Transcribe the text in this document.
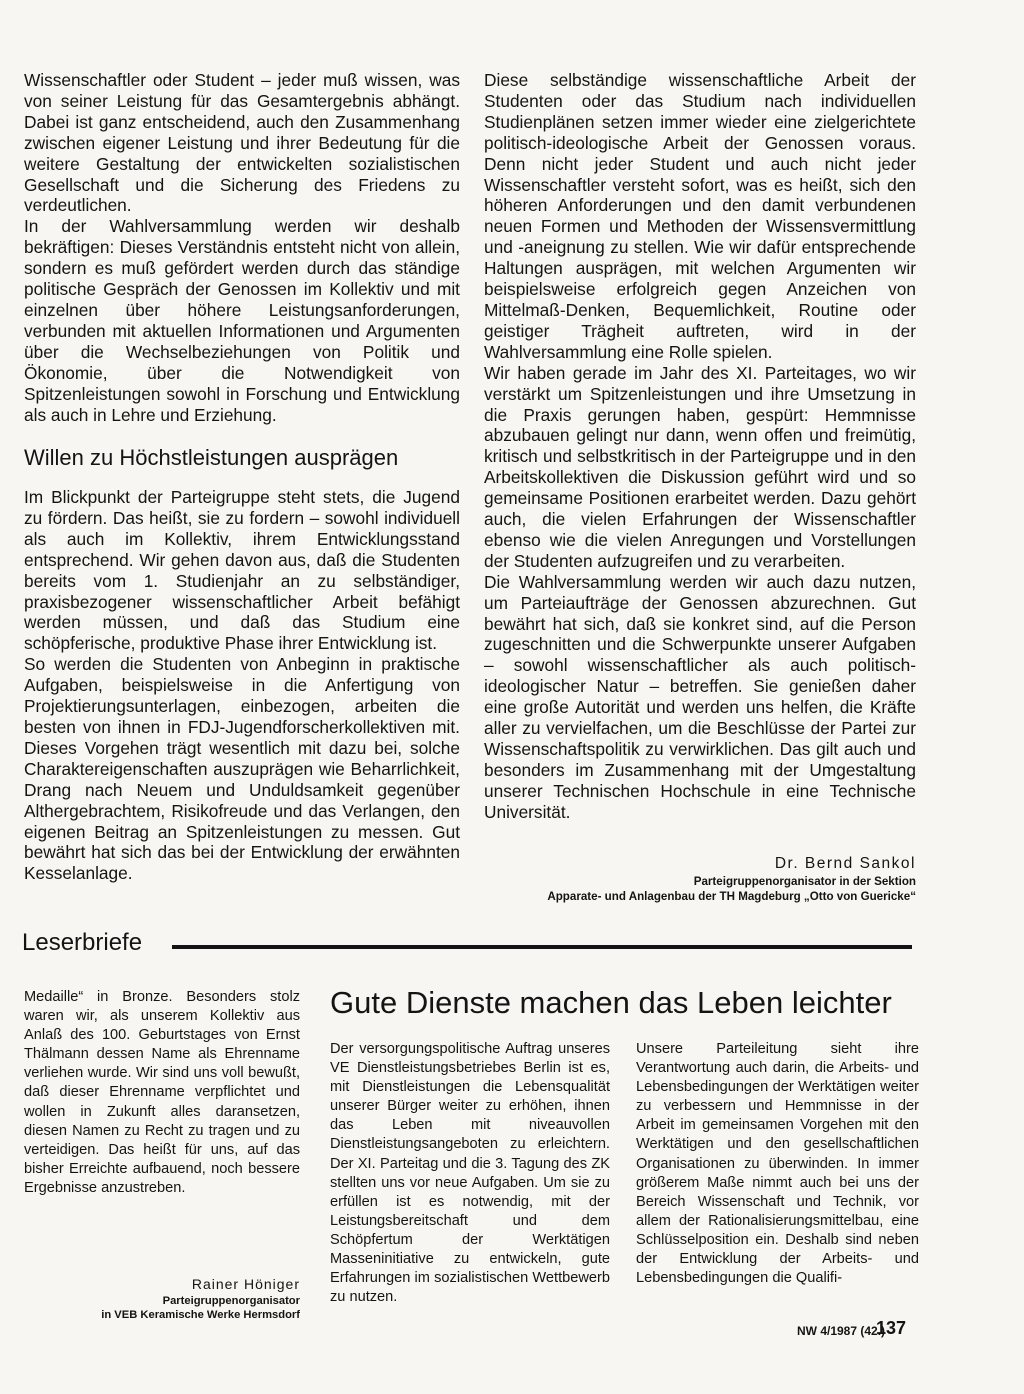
Wissenschaftler oder Student – jeder muß wissen, was von seiner Leistung für das Gesamtergebnis abhängt. Dabei ist ganz entscheidend, auch den Zusammenhang zwischen eigener Leistung und ihrer Bedeutung für die weitere Gestaltung der entwickelten sozialistischen Gesellschaft und die Sicherung des Friedens zu verdeutlichen.

In der Wahlversammlung werden wir deshalb bekräftigen: Dieses Verständnis entsteht nicht von allein, sondern es muß gefördert werden durch das ständige politische Gespräch der Genossen im Kollektiv und mit einzelnen über höhere Leistungsanforderungen, verbunden mit aktuellen Informationen und Argumenten über die Wechselbeziehungen von Politik und Ökonomie, über die Notwendigkeit von Spitzenleistungen sowohl in Forschung und Entwicklung als auch in Lehre und Erziehung.

Willen zu Höchstleistungen ausprägen

Im Blickpunkt der Parteigruppe steht stets, die Jugend zu fördern. Das heißt, sie zu fordern – sowohl individuell als auch im Kollektiv, ihrem Entwicklungsstand entsprechend. Wir gehen davon aus, daß die Studenten bereits vom 1. Studienjahr an zu selbständiger, praxisbezogener wissenschaftlicher Arbeit befähigt werden müssen, und daß das Studium eine schöpferische, produktive Phase ihrer Entwicklung ist.

So werden die Studenten von Anbeginn in praktische Aufgaben, beispielsweise in die Anfertigung von Projektierungsunterlagen, einbezogen, arbeiten die besten von ihnen in FDJ-Jugendforscherkollektiven mit. Dieses Vorgehen trägt wesentlich mit dazu bei, solche Charaktereigenschaften auszuprägen wie Beharrlichkeit, Drang nach Neuem und Unduldsamkeit gegenüber Althergebrachtem, Risikofreude und das Verlangen, den eigenen Beitrag an Spitzenleistungen zu messen. Gut bewährt hat sich das bei der Entwicklung der erwähnten Kesselanlage.

Diese selbständige wissenschaftliche Arbeit der Studenten oder das Studium nach individuellen Studienplänen setzen immer wieder eine zielgerichtete politisch-ideologische Arbeit der Genossen voraus. Denn nicht jeder Student und auch nicht jeder Wissenschaftler versteht sofort, was es heißt, sich den höheren Anforderungen und den damit verbundenen neuen Formen und Methoden der Wissensvermittlung und -aneignung zu stellen. Wie wir dafür entsprechende Haltungen ausprägen, mit welchen Argumenten wir beispielsweise erfolgreich gegen Anzeichen von Mittelmaß-Denken, Bequemlichkeit, Routine oder geistiger Trägheit auftreten, wird in der Wahlversammlung eine Rolle spielen.

Wir haben gerade im Jahr des XI. Parteitages, wo wir verstärkt um Spitzenleistungen und ihre Umsetzung in die Praxis gerungen haben, gespürt: Hemmnisse abzubauen gelingt nur dann, wenn offen und freimütig, kritisch und selbstkritisch in der Parteigruppe und in den Arbeitskollektiven die Diskussion geführt wird und so gemeinsame Positionen erarbeitet werden. Dazu gehört auch, die vielen Erfahrungen der Wissenschaftler ebenso wie die vielen Anregungen und Vorstellungen der Studenten aufzugreifen und zu verarbeiten.

Die Wahlversammlung werden wir auch dazu nutzen, um Parteiaufträge der Genossen abzurechnen. Gut bewährt hat sich, daß sie konkret sind, auf die Person zugeschnitten und die Schwerpunkte unserer Aufgaben – sowohl wissenschaftlicher als auch politisch-ideologischer Natur – betreffen. Sie genießen daher eine große Autorität und werden uns helfen, die Kräfte aller zu vervielfachen, um die Beschlüsse der Partei zur Wissenschaftspolitik zu verwirklichen. Das gilt auch und besonders im Zusammenhang mit der Umgestaltung unserer Technischen Hochschule in eine Technische Universität.

Dr. Bernd Sankol
Parteigruppenorganisator in der Sektion
Apparate- und Anlagenbau der TH Magdeburg „Otto von Guericke“
Leserbriefe

Medaille“ in Bronze. Besonders stolz waren wir, als unserem Kollektiv aus Anlaß des 100. Geburtstages von Ernst Thälmann dessen Name als Ehrenname verliehen wurde. Wir sind uns voll bewußt, daß dieser Ehrenname verpflichtet und wollen in Zukunft alles daransetzen, diesen Namen zu Recht zu tragen und zu verteidigen. Das heißt für uns, auf das bisher Erreichte aufbauend, noch bessere Ergebnisse anzustreben.

Rainer Höniger
Parteigruppenorganisator
in VEB Keramische Werke Hermsdorf
Gute Dienste machen das Leben leichter

Der versorgungspolitische Auftrag unseres VE Dienstleistungsbetriebes Berlin ist es, mit Dienstleistungen die Lebensqualität unserer Bürger weiter zu erhöhen, ihnen das Leben mit niveauvollen Dienstleistungsangeboten zu erleichtern. Der XI. Parteitag und die 3. Tagung des ZK stellten uns vor neue Aufgaben. Um sie zu erfüllen ist es notwendig, mit der Leistungsbereitschaft und dem Schöpfertum der Werktätigen Masseninitiative zu entwickeln, gute Erfahrungen im sozialistischen Wettbewerb zu nutzen.

Unsere Parteileitung sieht ihre Verantwortung auch darin, die Arbeits- und Lebensbedingungen der Werktätigen weiter zu verbessern und Hemmnisse in der Arbeit im gemeinsamen Vorgehen mit den Werktätigen und den gesellschaftlichen Organisationen zu überwinden. In immer größerem Maße nimmt auch bei uns der Bereich Wissenschaft und Technik, vor allem der Rationalisierungsmittelbau, eine Schlüsselposition ein. Deshalb sind neben der Entwicklung der Arbeits- und Lebensbedingungen die Qualifi-

NW 4/1987 (42.)
137
